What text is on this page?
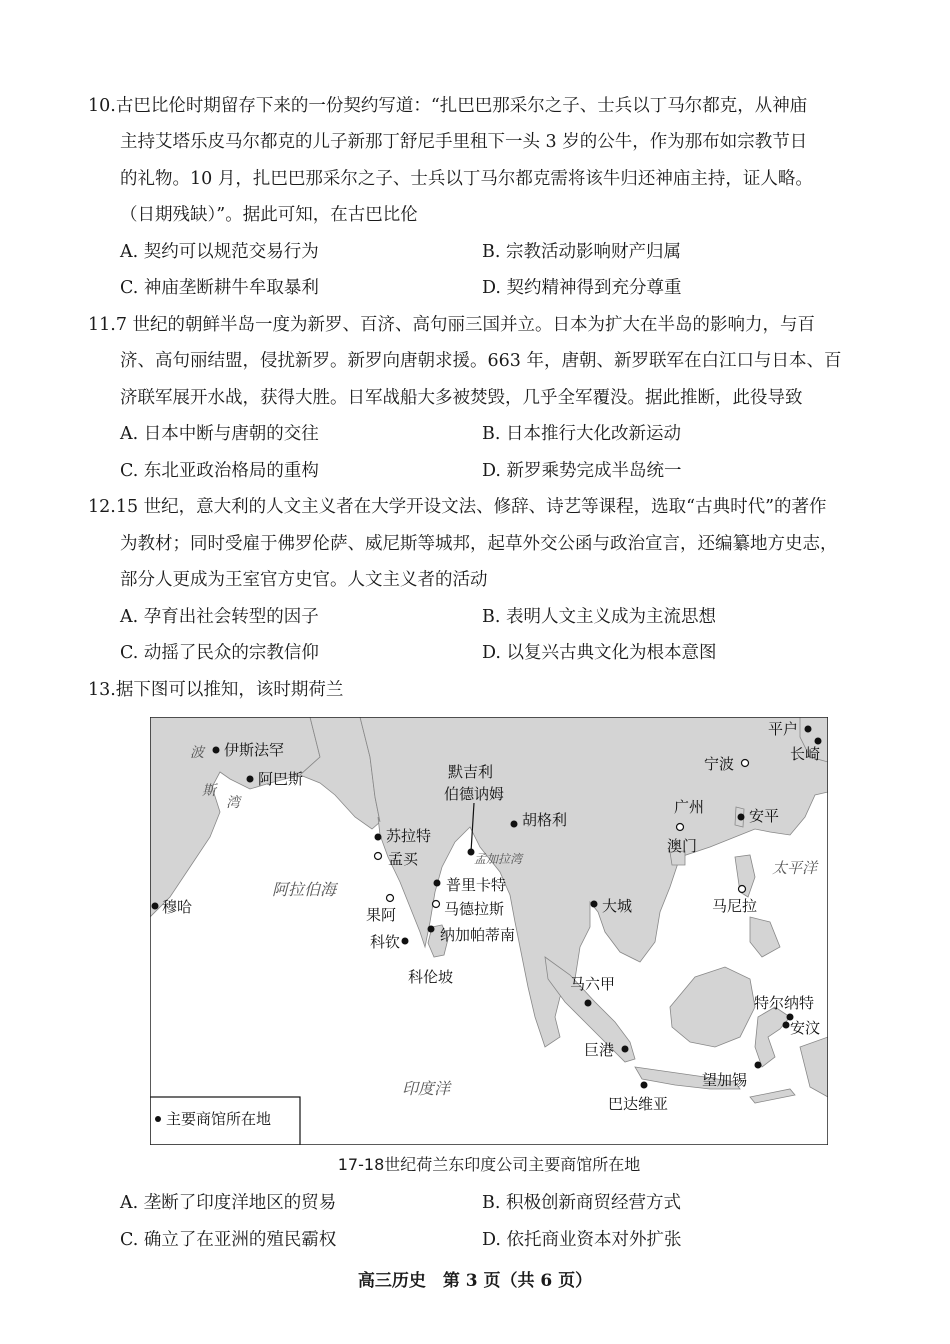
10.古巴比伦时期留存下来的一份契约写道：“扎巴巴那采尔之子、士兵以丁马尔都克，从神庙
主持艾塔乐皮马尔都克的儿子新那丁舒尼手里租下一头 3 岁的公牛，作为那布如宗教节日
的礼物。10 月，扎巴巴那采尔之子、士兵以丁马尔都克需将该牛归还神庙主持，证人略。
（日期残缺）”。据此可知，在古巴比伦
A. 契约可以规范交易行为	B. 宗教活动影响财产归属
C. 神庙垄断耕牛牟取暴利	D. 契约精神得到充分尊重
11.7 世纪的朝鲜半岛一度为新罗、百济、高句丽三国并立。日本为扩大在半岛的影响力，与百
济、高句丽结盟，侵扰新罗。新罗向唐朝求援。663 年，唐朝、新罗联军在白江口与日本、百
济联军展开水战，获得大胜。日军战船大多被焚毁，几乎全军覆没。据此推断，此役导致
A. 日本中断与唐朝的交往	B. 日本推行大化改新运动
C. 东北亚政治格局的重构	D. 新罗乘势完成半岛统一
12.15 世纪，意大利的人文主义者在大学开设文法、修辞、诗艺等课程，选取“古典时代”的著作
为教材；同时受雇于佛罗伦萨、威尼斯等城邦，起草外交公函与政治宣言，还编纂地方史志，
部分人更成为王室官方史官。人文主义者的活动
A. 孕育出社会转型的因子	B. 表明人文主义成为主流思想
C. 动摇了民众的宗教信仰	D. 以复兴古典文化为根本意图
13.据下图可以推知，该时期荷兰
波
斯
湾
阿拉伯海
孟加拉湾
印度洋
太平洋
伊斯法罕
阿巴斯
穆哈
苏拉特
孟买
果阿
科钦
科伦坡
纳加帕蒂南
马德拉斯
普里卡特
默吉利
伯德讷姆
胡格利
大城
马六甲
巨港
巴达维亚
望加锡
安汶
特尔纳特
马尼拉
安平
广州
澳门
宁波
平户
长崎
主要商馆所在地
17-18世纪荷兰东印度公司主要商馆所在地
A. 垄断了印度洋地区的贸易	B. 积极创新商贸经营方式
C. 确立了在亚洲的殖民霸权	D. 依托商业资本对外扩张
高三历史　第 3 页（共 6 页）
